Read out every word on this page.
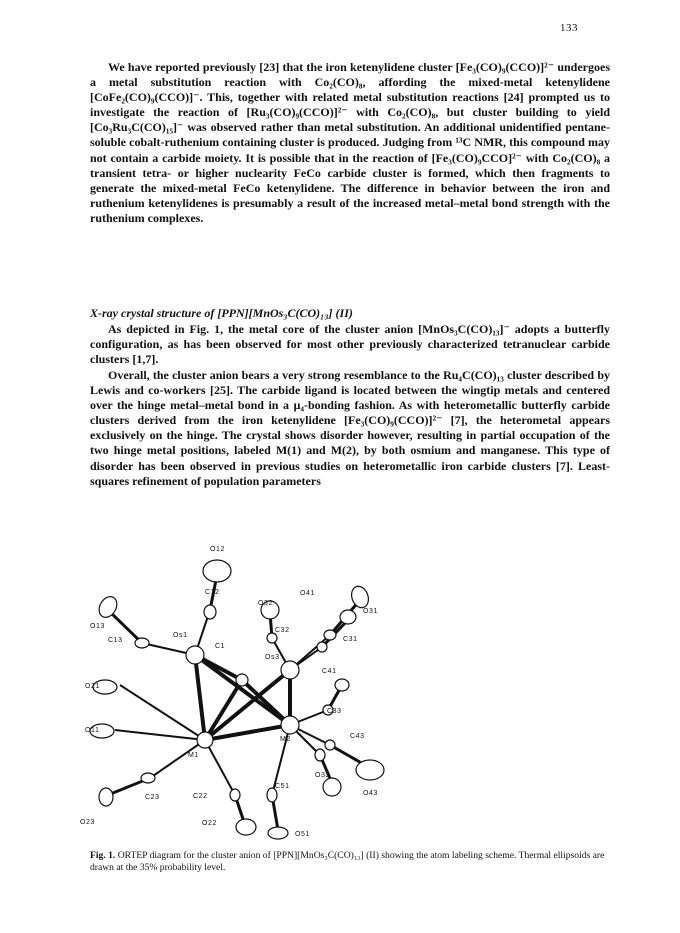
133

We have reported previously [23] that the iron ketenylidene cluster [Fe₃(CO)₉(CCO)]²⁻ undergoes a metal substitution reaction with Co₂(CO)₈, affording the mixed-metal ketenylidene [CoFe₂(CO)₉(CCO)]⁻. This, together with related metal substitution reactions [24] prompted us to investigate the reaction of [Ru₃(CO)₉(CCO)]²⁻ with Co₂(CO)₈, but cluster building to yield [Co₃Ru₃C(CO)₁₅]⁻ was observed rather than metal substitution. An additional unidentified pentane-soluble cobalt-ruthenium containing cluster is produced. Judging from ¹³C NMR, this compound may not contain a carbide moiety. It is possible that in the reaction of [Fe₃(CO)₉CCO]²⁻ with Co₂(CO)₈ a transient tetra- or higher nuclearity FeCo carbide cluster is formed, which then fragments to generate the mixed-metal FeCo ketenylidene. The difference in behavior between the iron and ruthenium ketenylidenes is presumably a result of the increased metal–metal bond strength with the ruthenium complexes.

X-ray crystal structure of [PPN][MnOs₃C(CO)₁₃] (II)

As depicted in Fig. 1, the metal core of the cluster anion [MnOs₃C(CO)₁₃]⁻ adopts a butterfly configuration, as has been observed for most other previously characterized tetranuclear carbide clusters [1,7].

Overall, the cluster anion bears a very strong resemblance to the Ru₄C(CO)₁₃ cluster described by Lewis and co-workers [25]. The carbide ligand is located between the wingtip metals and centered over the hinge metal–metal bond in a μ₄-bonding fashion. As with heterometallic butterfly carbide clusters derived from the iron ketenylidene [Fe₃(CO)₉(CCO)]²⁻ [7], the heterometal appears exclusively on the hinge. The crystal shows disorder however, resulting in partial occupation of the two hinge metal positions, labeled M(1) and M(2), by both osmium and manganese. This type of disorder has been observed in previous studies on heterometallic iron carbide clusters [7]. Least-squares refinement of population parameters

O12
C12	O41
O32
O31
O13
C13
Os1
C32
C1
C31
Os3
C41
O21
C33
O11
M2	C43
M1
O33
C51
O43
C23	C22
O23	O22
O51

Fig. 1. ORTEP diagram for the cluster anion of [PPN][MnOs₃C(CO)₁₃] (II) showing the atom labeling scheme. Thermal ellipsoids are drawn at the 35% probability level.
